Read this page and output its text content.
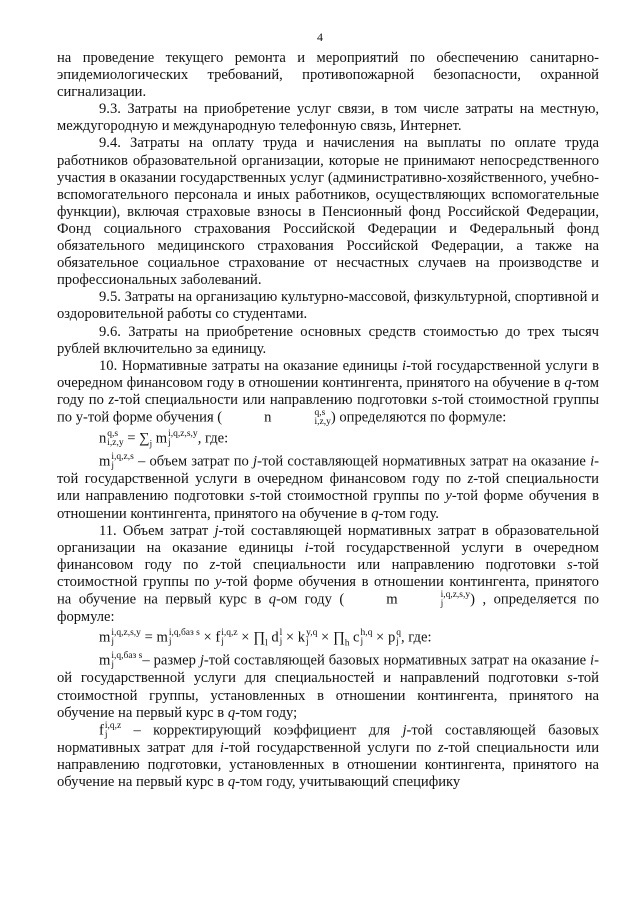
4

на проведение текущего ремонта и мероприятий по обеспечению санитарно-эпидемиологических требований, противопожарной безопасности, охранной сигнализации.

9.3. Затраты на приобретение услуг связи, в том числе затраты на местную, междугородную и международную телефонную связь, Интернет.

9.4. Затраты на оплату труда и начисления на выплаты по оплате труда работников образовательной организации, которые не принимают непосредственного участия в оказании государственных услуг (административно-хозяйственного, учебно-вспомогательного персонала и иных работников, осуществляющих вспомогательные функции), включая страховые взносы в Пенсионный фонд Российской Федерации, Фонд социального страхования Российской Федерации и Федеральный фонд обязательного медицинского страхования Российской Федерации, а также на обязательное социальное страхование от несчастных случаев на производстве и профессиональных заболеваний.

9.5. Затраты на организацию культурно-массовой, физкультурной, спортивной и оздоровительной работы со студентами.

9.6. Затраты на приобретение основных средств стоимостью до трех тысяч рублей включительно за единицу.

10. Нормативные затраты на оказание единицы i-той государственной услуги в очередном финансовом году в отношении контингента, принятого на обучение в q-том году по z-той специальности или направлению подготовки s-той стоимостной группы по у-той форме обучения (	n	q,s
i,z,y ) определяются по формуле:

n q,s
$i,z,y = \sum_j$ m i,q,z,s,y
j	, где:

m i,q,z,s
j	– объем затрат по j-той составляющей нормативных затрат на оказание i-той государственной услуги в очередном финансовом году по z-той специальности или направлению подготовки s-той стоимостной группы по y-той форме обучения в отношении контингента, принятого на обучение в q-том году.

11. Объем затрат j-той составляющей нормативных затрат в образовательной организации на оказание единицы i-той государственной услуги в очередном финансовом году по z-той специальности или направлению подготовки s-той стоимостной группы по y-той форме обучения в отношении контингента, принятого на обучение на первый курс в q-ом году (	m	i,q,z,s,y
j	) , определяется по формуле:

m i,q,z,s,y
j	= m i,q,баз s
j	× f i,q,z
$j \times \prod_l$ d l
j × k y,q
$j \times \prod_h$ c h,q
j × p q
j , где:

m i,q,баз s
j	– размер j-той составляющей базовых нормативных затрат на оказание i-ой государственной услуги для специальностей и направлений подготовки s-той стоимостной группы, установленных в отношении контингента, принятого на обучение на первый курс в q-том году;

f i,q,z
j – корректирующий коэффициент для j-той составляющей базовых нормативных затрат для i-той государственной услуги по z-той специальности или направлению подготовки, установленных в отношении контингента, принятого на обучение на первый курс в q-том году, учитывающий специфику
